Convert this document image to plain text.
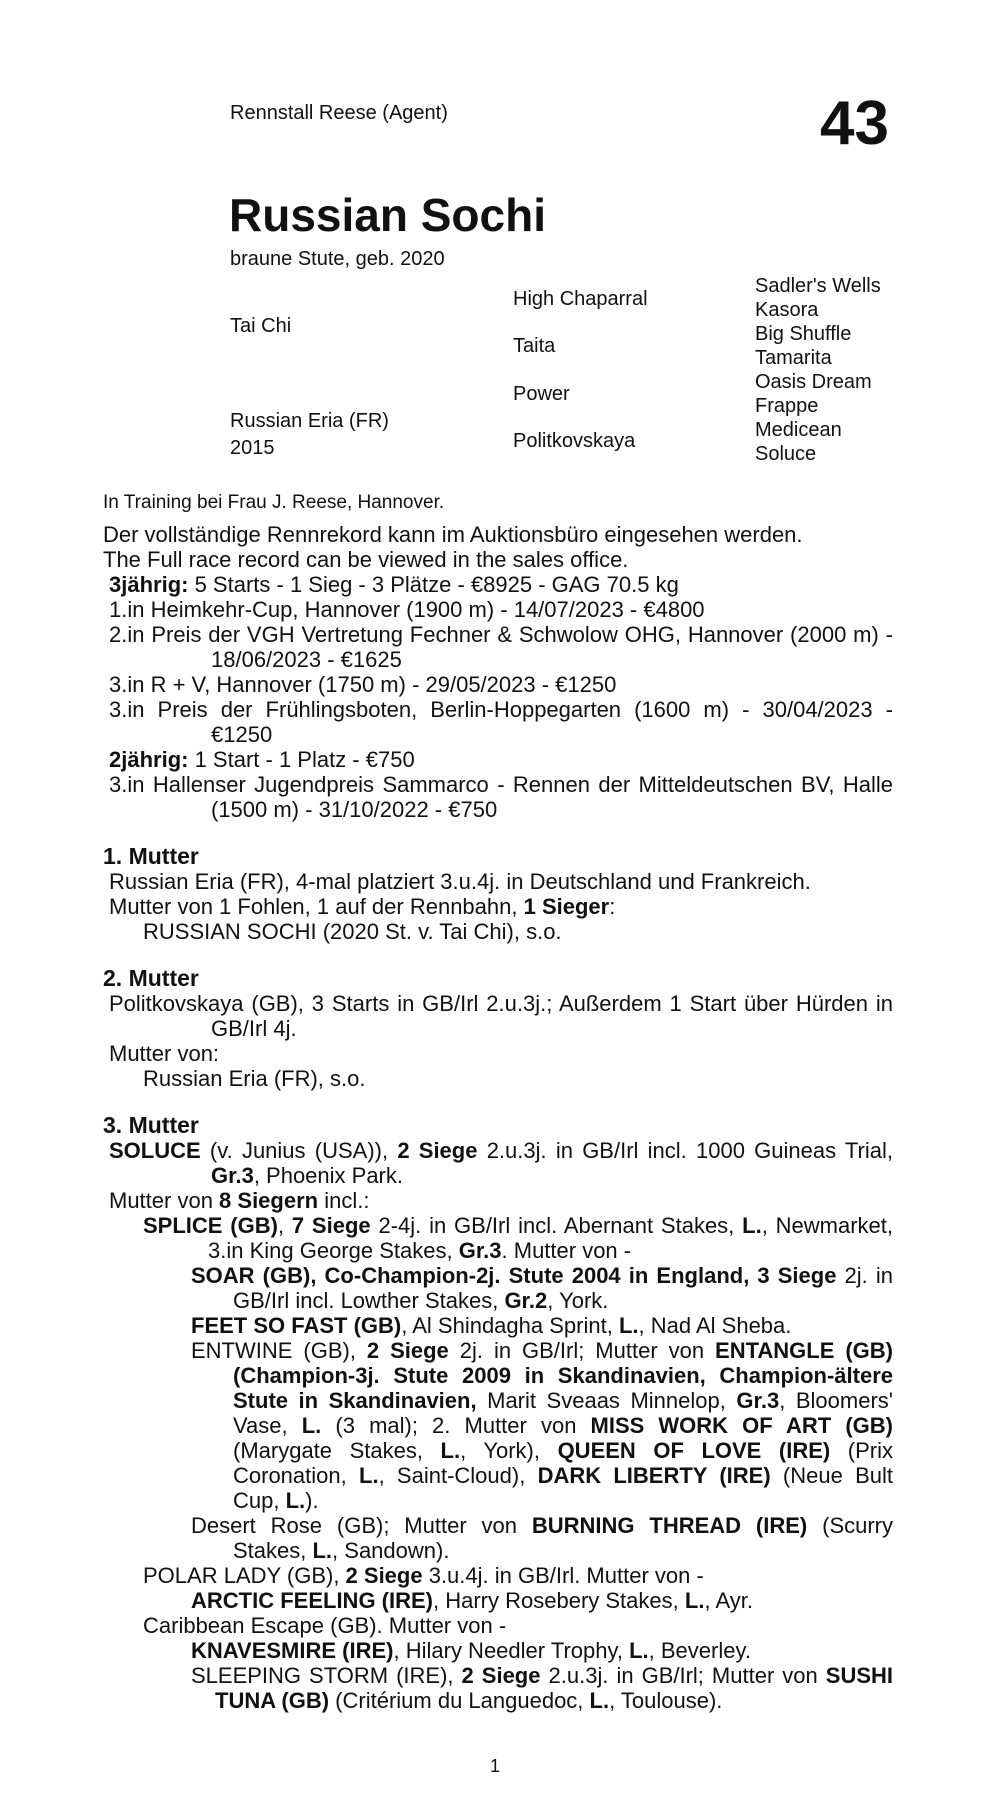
Rennstall Reese (Agent)	43
Russian Sochi
braune Stute, geb. 2020
Tai Chi
Russian Eria (FR)
2015
High Chaparral
Taita
Power
Politkovskaya
Sadler's Wells
Kasora
Big Shuffle
Tamarita
Oasis Dream
Frappe
Medicean
Soluce
In Training bei Frau J. Reese, Hannover.

Der vollständige Rennrekord kann im Auktionsbüro eingesehen werden.

The Full race record can be viewed in the sales office.

3jährig: 5 Starts - 1 Sieg - 3 Plätze - €8925 - GAG 70.5 kg

1.in Heimkehr-Cup, Hannover (1900 m) - 14/07/2023 - €4800

2.in Preis der VGH Vertretung Fechner & Schwolow OHG, Hannover (2000 m) - 18/06/2023 - €1625

3.in R + V, Hannover (1750 m) - 29/05/2023 - €1250

3.in Preis der Frühlingsboten, Berlin-Hoppegarten (1600 m) - 30/04/2023 - €1250

2jährig: 1 Start - 1 Platz - €750

3.in Hallenser Jugendpreis Sammarco - Rennen der Mitteldeutschen BV, Halle (1500 m) - 31/10/2022 - €750

1. Mutter

Russian Eria (FR), 4-mal platziert 3.u.4j. in Deutschland und Frankreich.

Mutter von 1 Fohlen, 1 auf der Rennbahn, 1 Sieger:

RUSSIAN SOCHI (2020 St. v. Tai Chi), s.o.

2. Mutter

Politkovskaya (GB), 3 Starts in GB/Irl 2.u.3j.; Außerdem 1 Start über Hürden in GB/Irl 4j.

Mutter von:

Russian Eria (FR), s.o.

3. Mutter

SOLUCE (v. Junius (USA)), 2 Siege 2.u.3j. in GB/Irl incl. 1000 Guineas Trial, Gr.3, Phoenix Park.

Mutter von 8 Siegern incl.:

SPLICE (GB), 7 Siege 2-4j. in GB/Irl incl. Abernant Stakes, L., Newmarket, 3.in King George Stakes, Gr.3. Mutter von -

SOAR (GB), Co-Champion-2j. Stute 2004 in England, 3 Siege 2j. in GB/Irl incl. Lowther Stakes, Gr.2, York.

FEET SO FAST (GB), Al Shindagha Sprint, L., Nad Al Sheba.

ENTWINE (GB), 2 Siege 2j. in GB/Irl; Mutter von ENTANGLE (GB) (Champion-3j. Stute 2009 in Skandinavien, Champion-ältere Stute in Skandinavien, Marit Sveaas Minnelop, Gr.3, Bloomers' Vase, L. (3 mal); 2. Mutter von MISS WORK OF ART (GB) (Marygate Stakes, L., York), QUEEN OF LOVE (IRE) (Prix Coronation, L., Saint-Cloud), DARK LIBERTY (IRE) (Neue Bult Cup, L.).

Desert Rose (GB); Mutter von BURNING THREAD (IRE) (Scurry Stakes, L., Sandown).

POLAR LADY (GB), 2 Siege 3.u.4j. in GB/Irl. Mutter von -

ARCTIC FEELING (IRE), Harry Rosebery Stakes, L., Ayr.

Caribbean Escape (GB). Mutter von -

KNAVESMIRE (IRE), Hilary Needler Trophy, L., Beverley.

SLEEPING STORM (IRE), 2 Siege 2.u.3j. in GB/Irl; Mutter von SUSHI TUNA (GB) (Critérium du Languedoc, L., Toulouse).

1
